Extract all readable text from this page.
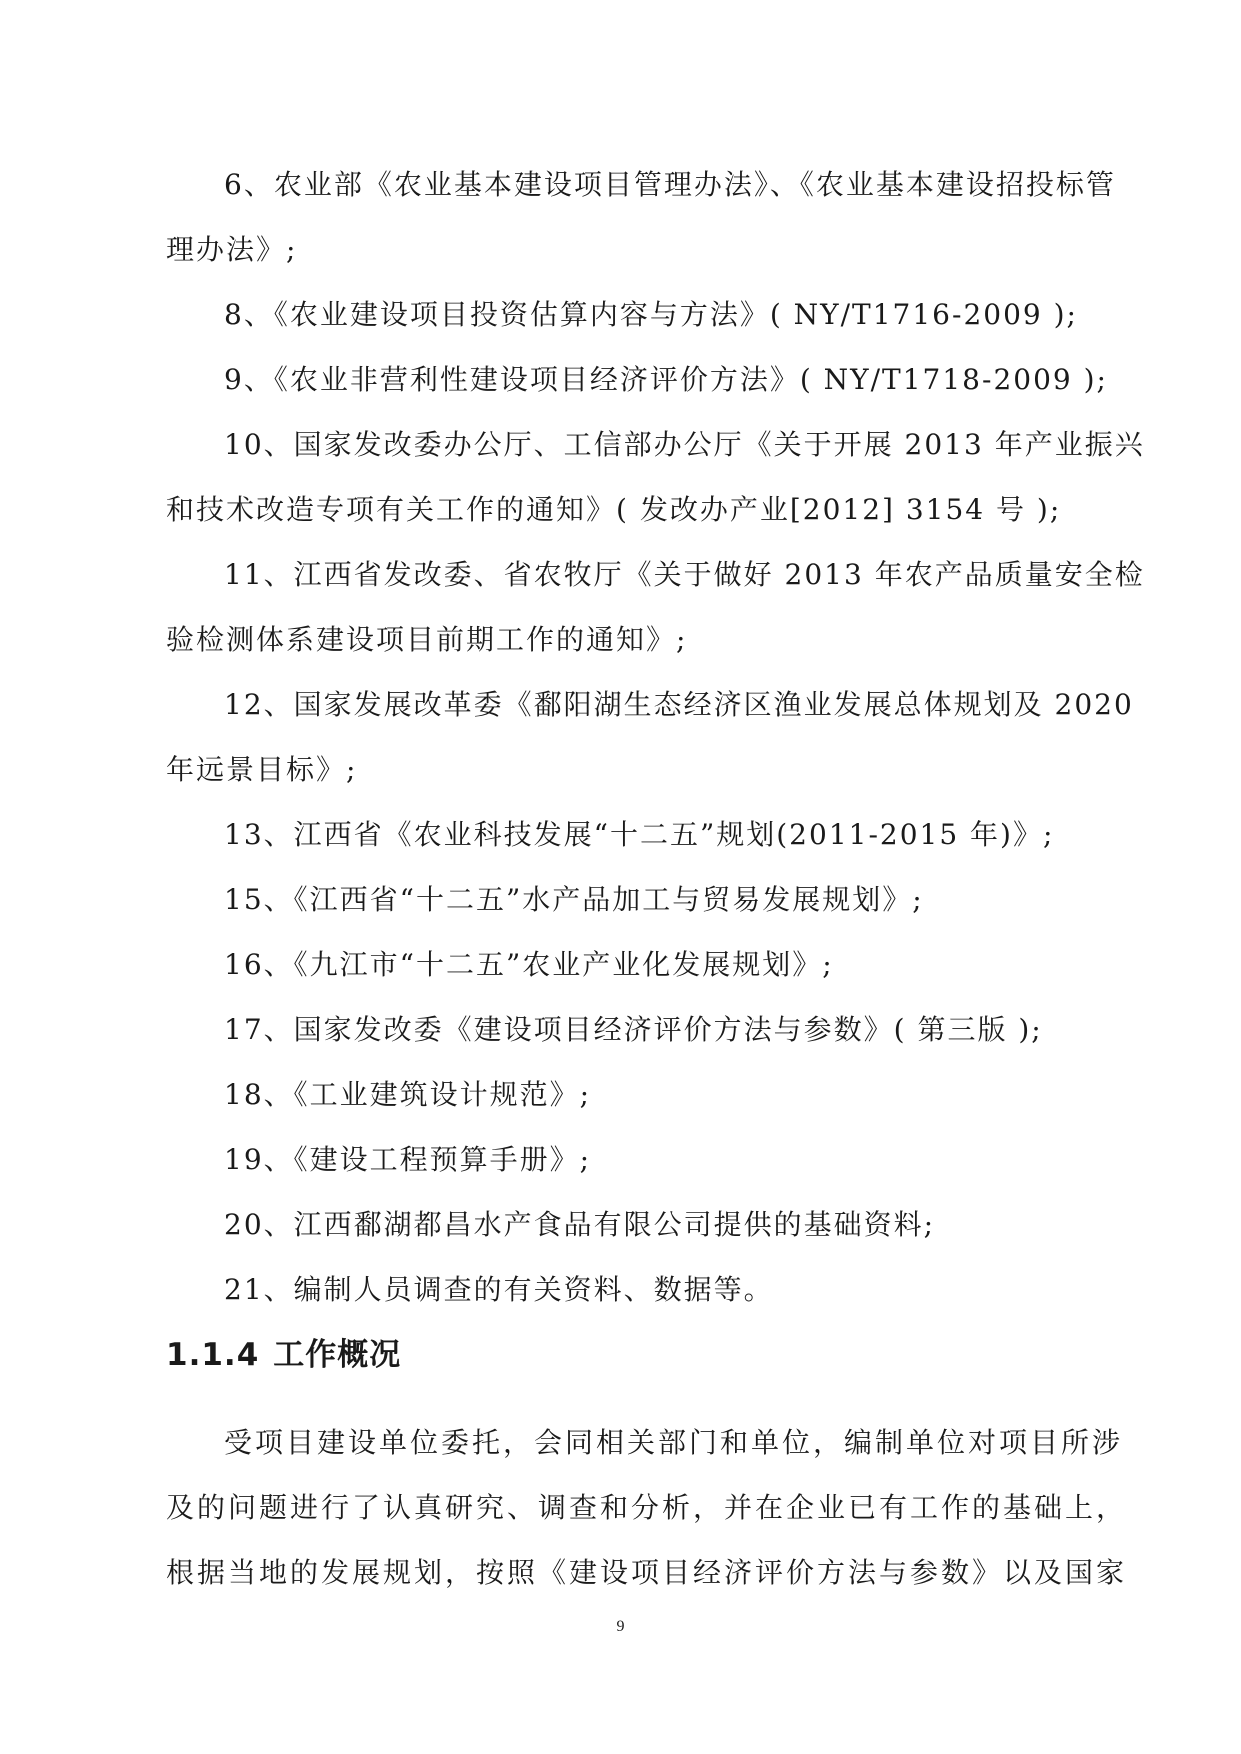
6、农业部《农业基本建设项目管理办法》、《农业基本建设招投标管

理办法》;

8、《农业建设项目投资估算内容与方法》( NY/T1716-2009 );

9、《农业非营利性建设项目经济评价方法》( NY/T1718-2009 );

10、国家发改委办公厅、工信部办公厅《关于开展 2013 年产业振兴

和技术改造专项有关工作的通知》( 发改办产业[2012] 3154 号 );

11、江西省发改委、省农牧厅《关于做好 2013 年农产品质量安全检

验检测体系建设项目前期工作的通知》;

12、国家发展改革委《鄱阳湖生态经济区渔业发展总体规划及 2020

年远景目标》;

13、江西省《农业科技发展“十二五”规划(2011-2015 年)》;

15、《江西省“十二五”水产品加工与贸易发展规划》;

16、《九江市“十二五”农业产业化发展规划》;

17、国家发改委《建设项目经济评价方法与参数》( 第三版 );

18、《工业建筑设计规范》;

19、《建设工程预算手册》;

20、江西鄱湖都昌水产食品有限公司提供的基础资料;

21、编制人员调查的有关资料、数据等。

1.1.4 工作概况

受项目建设单位委托，会同相关部门和单位，编制单位对项目所涉

及的问题进行了认真研究、调查和分析，并在企业已有工作的基础上，

根据当地的发展规划，按照《建设项目经济评价方法与参数》以及国家

9
